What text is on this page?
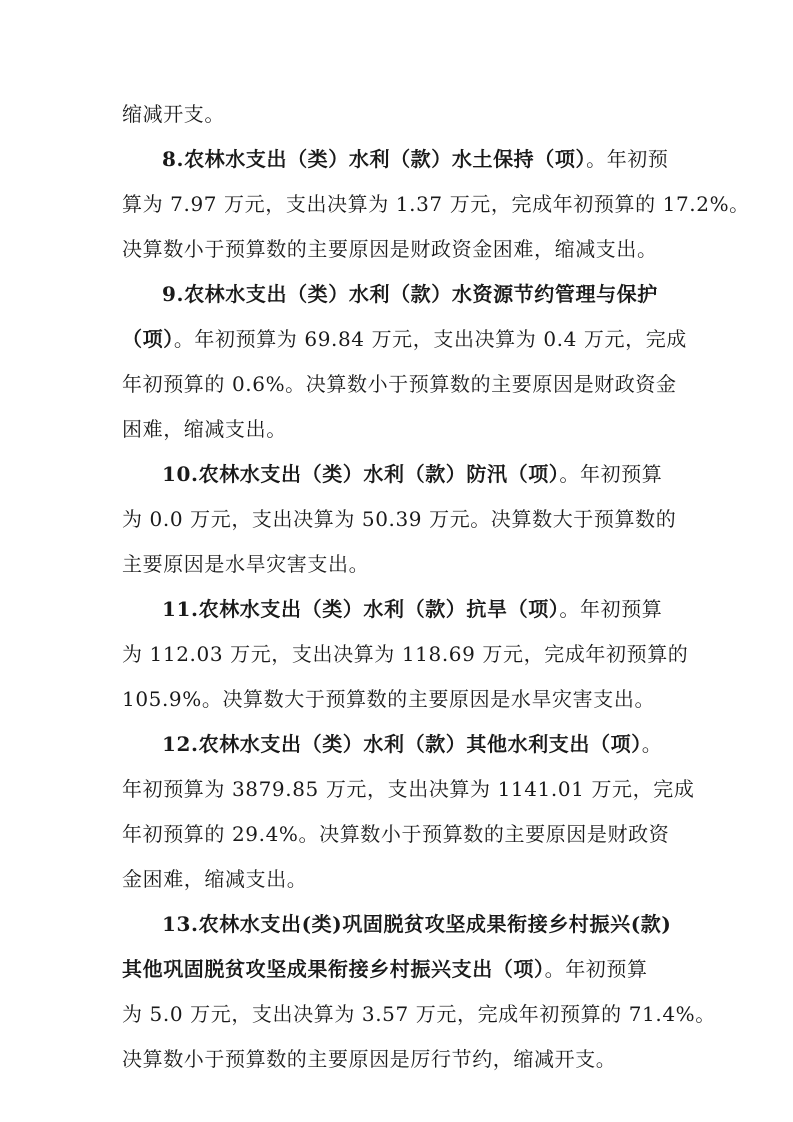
缩减开支。
8.农林水支出（类）水利（款）水土保持（项）。年初预
算为 7.97 万元，支出决算为 1.37 万元，完成年初预算的 17.2%。
决算数小于预算数的主要原因是财政资金困难，缩减支出。
9.农林水支出（类）水利（款）水资源节约管理与保护
（项）。年初预算为 69.84 万元，支出决算为 0.4 万元，完成
年初预算的 0.6%。决算数小于预算数的主要原因是财政资金
困难，缩减支出。
10.农林水支出（类）水利（款）防汛（项）。年初预算
为 0.0 万元，支出决算为 50.39 万元。决算数大于预算数的
主要原因是水旱灾害支出。
11.农林水支出（类）水利（款）抗旱（项）。年初预算
为 112.03 万元，支出决算为 118.69 万元，完成年初预算的
105.9%。决算数大于预算数的主要原因是水旱灾害支出。
12.农林水支出（类）水利（款）其他水利支出（项）。
年初预算为 3879.85 万元，支出决算为 1141.01 万元，完成
年初预算的 29.4%。决算数小于预算数的主要原因是财政资
金困难，缩减支出。
13.农林水支出(类)巩固脱贫攻坚成果衔接乡村振兴(款)
其他巩固脱贫攻坚成果衔接乡村振兴支出（项）。年初预算
为 5.0 万元，支出决算为 3.57 万元，完成年初预算的 71.4%。
决算数小于预算数的主要原因是厉行节约，缩减开支。
